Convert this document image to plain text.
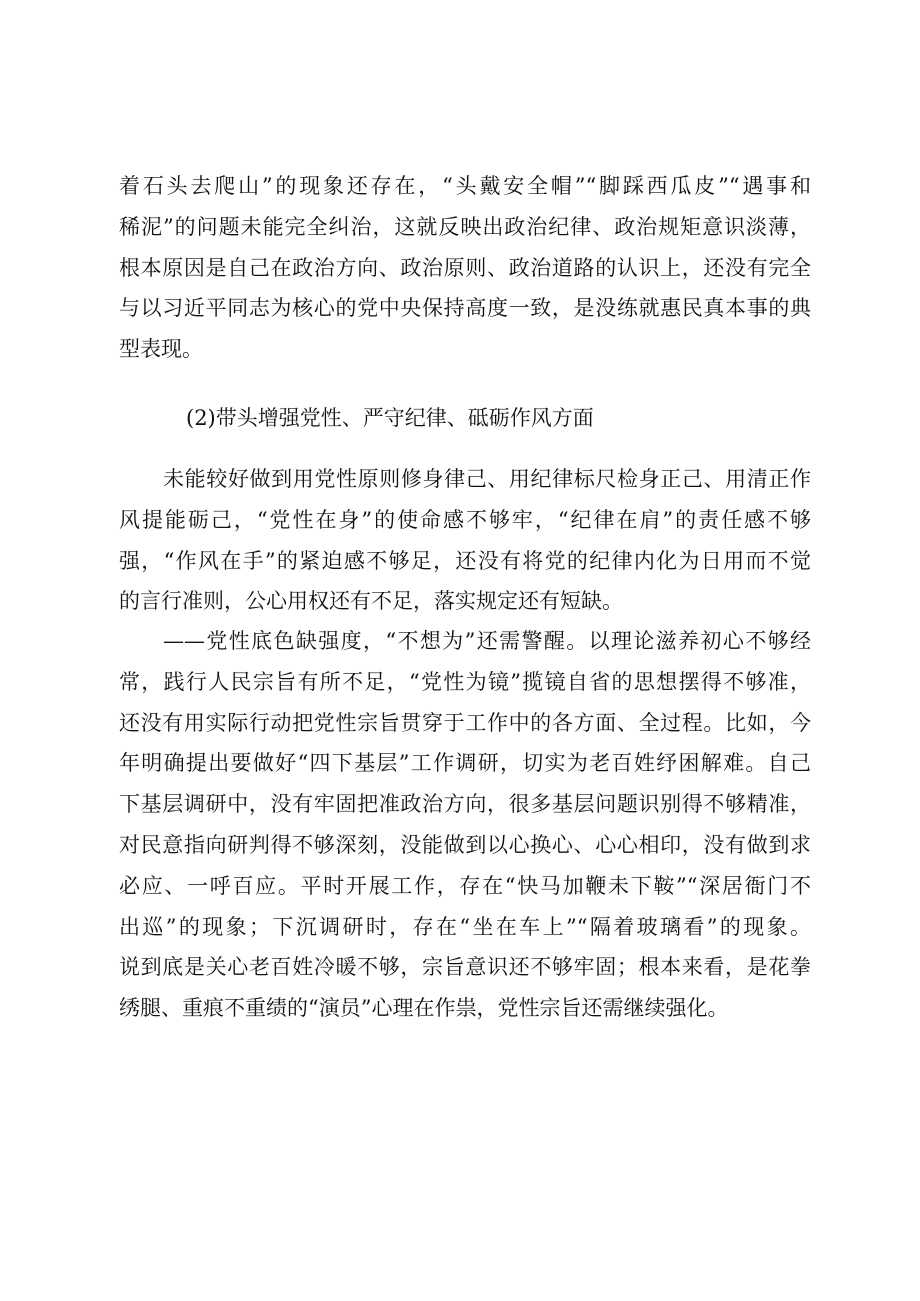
着石头去爬山”的现象还存在，“头戴安全帽”“脚踩西瓜皮”“遇事和
稀泥”的问题未能完全纠治，这就反映出政治纪律、政治规矩意识淡薄，
根本原因是自己在政治方向、政治原则、政治道路的认识上，还没有完全
与以习近平同志为核心的党中央保持高度一致，是没练就惠民真本事的典
型表现。
(2)带头增强党性、严守纪律、砥砺作风方面
未能较好做到用党性原则修身律己、用纪律标尺检身正己、用清正作
风提能砺己，“党性在身”的使命感不够牢，“纪律在肩”的责任感不够
强，“作风在手”的紧迫感不够足，还没有将党的纪律内化为日用而不觉
的言行准则，公心用权还有不足，落实规定还有短缺。
——党性底色缺强度，“不想为”还需警醒。以理论滋养初心不够经
常，践行人民宗旨有所不足，“党性为镜”揽镜自省的思想摆得不够准，
还没有用实际行动把党性宗旨贯穿于工作中的各方面、全过程。比如，今
年明确提出要做好“四下基层”工作调研，切实为老百姓纾困解难。自己
下基层调研中，没有牢固把准政治方向，很多基层问题识别得不够精准，
对民意指向研判得不够深刻，没能做到以心换心、心心相印，没有做到求
必应、一呼百应。平时开展工作，存在“快马加鞭未下鞍”“深居衙门不
出巡”的现象；下沉调研时，存在“坐在车上”“隔着玻璃看”的现象。
说到底是关心老百姓冷暖不够，宗旨意识还不够牢固；根本来看，是花拳
绣腿、重痕不重绩的“演员”心理在作祟，党性宗旨还需继续强化。
